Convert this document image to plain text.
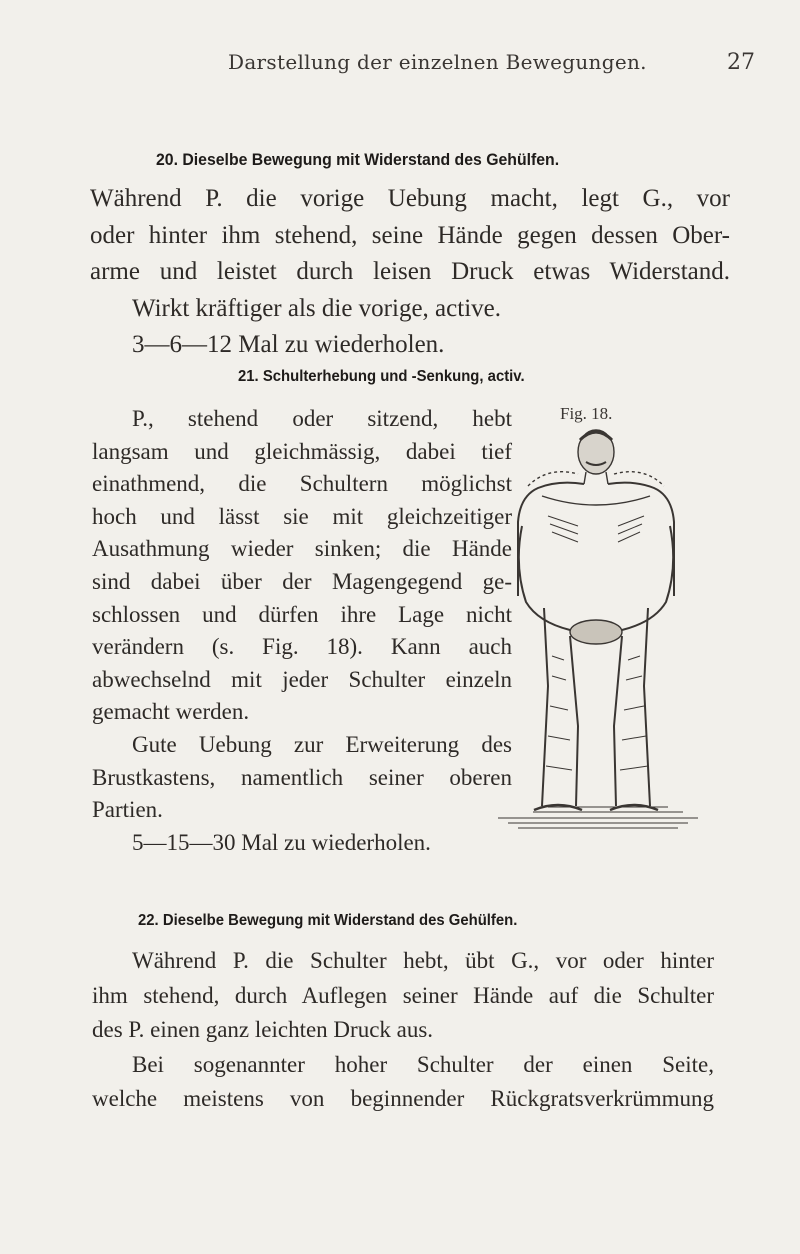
Darstellung der einzelnen Bewegungen.	27
20. Dieselbe Bewegung mit Widerstand des Gehülfen.
Während P. die vorige Uebung macht, legt G., vor
oder hinter ihm stehend, seine Hände gegen dessen Ober-
arme und leistet durch leisen Druck etwas Widerstand.
Wirkt kräftiger als die vorige, active.
3—6—12 Mal zu wiederholen.
21. Schulterhebung und -Senkung, activ.
P., stehend oder sitzend, hebt
langsam und gleichmässig, dabei tief
einathmend, die Schultern möglichst
hoch und lässt sie mit gleichzeitiger
Ausathmung wieder sinken; die Hände
sind dabei über der Magengegend ge-
schlossen und dürfen ihre Lage nicht
verändern (s. Fig. 18). Kann auch
abwechselnd mit jeder Schulter einzeln
gemacht werden.
Gute Uebung zur Erweiterung des
Brustkastens, namentlich seiner oberen
Partien.
5—15—30 Mal zu wiederholen.
Fig. 18.
22. Dieselbe Bewegung mit Widerstand des Gehülfen.
Während P. die Schulter hebt, übt G., vor oder hinter
ihm stehend, durch Auflegen seiner Hände auf die Schulter
des P. einen ganz leichten Druck aus.
Bei sogenannter hoher Schulter der einen Seite,
welche meistens von beginnender Rückgratsverkrümmung
